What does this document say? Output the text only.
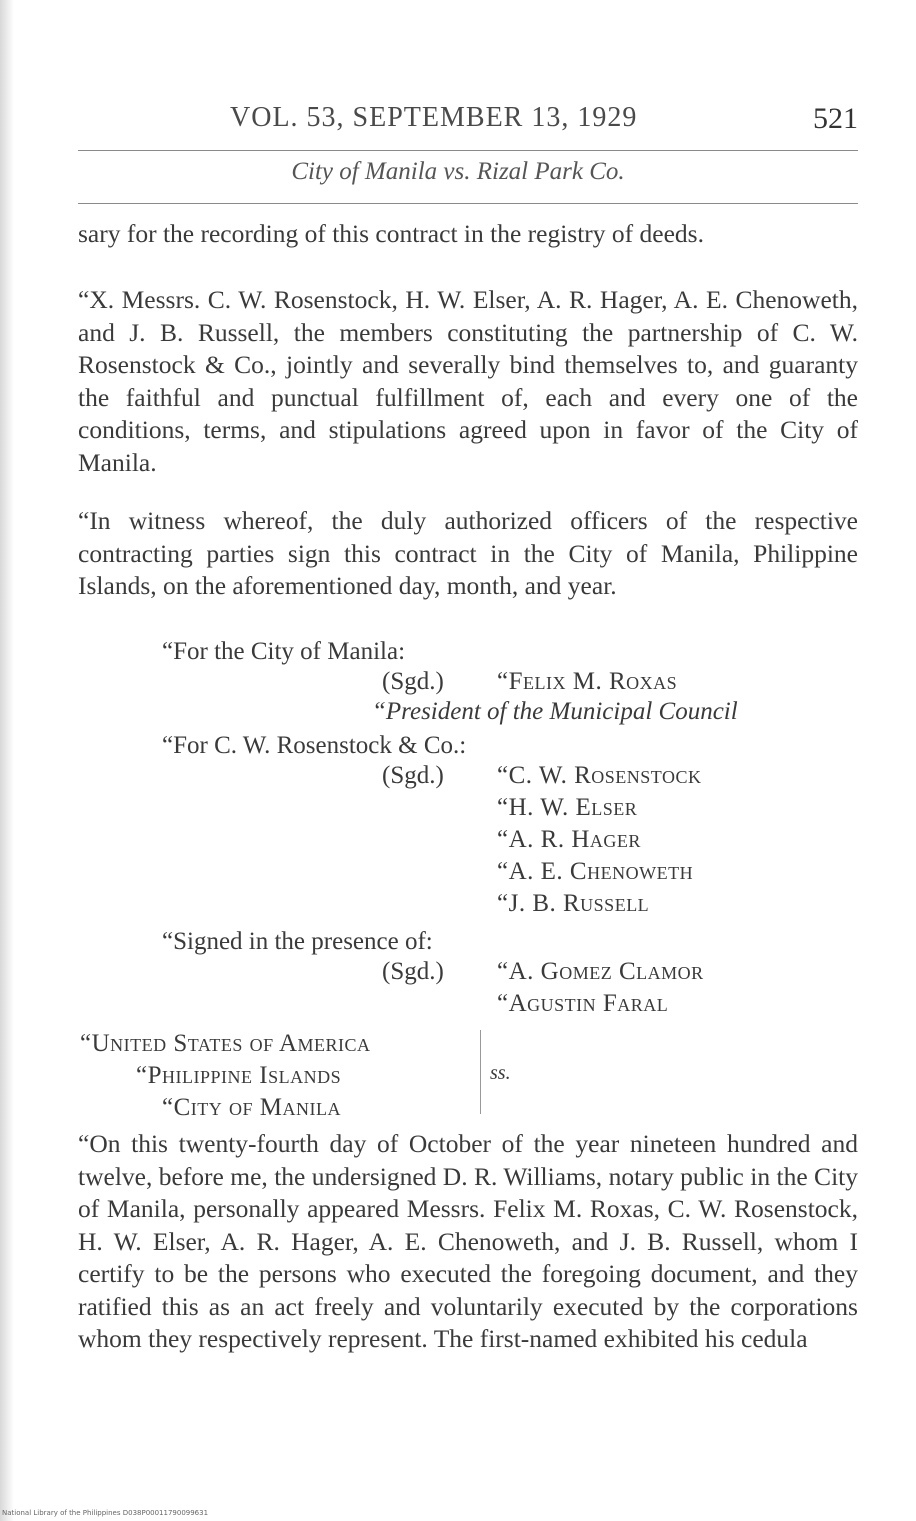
VOL. 53, SEPTEMBER 13, 1929	521
City of Manila vs. Rizal Park Co.

sary for the recording of this contract in the registry of deeds.

“X. Messrs. C. W. Rosenstock, H. W. Elser, A. R. Hager, A. E. Chenoweth, and J. B. Russell, the members constituting the partnership of C. W. Rosenstock & Co., jointly and severally bind themselves to, and guaranty the faithful and punctual fulfillment of, each and every one of the conditions, terms, and stipulations agreed upon in favor of the City of Manila.

“In witness whereof, the duly authorized officers of the respective contracting parties sign this contract in the City of Manila, Philippine Islands, on the aforementioned day, month, and year.

“For the City of Manila:
(Sgd.) “Felix M. Roxas
“President of the Municipal Council
“For C. W. Rosenstock & Co.:
(Sgd.) “C. W. Rosenstock
“H. W. Elser
“A. R. Hager
“A. E. Chenoweth
“J. B. Russell
“Signed in the presence of:
(Sgd.) “A. Gomez Clamor
“Agustin Faral
“United States of America
“Philippine Islands	ss.
“City of Manila

“On this twenty-fourth day of October of the year nineteen hundred and twelve, before me, the undersigned D. R. Williams, notary public in the City of Manila, personally appeared Messrs. Felix M. Roxas, C. W. Rosenstock, H. W. Elser, A. R. Hager, A. E. Chenoweth, and J. B. Russell, whom I certify to be the persons who executed the foregoing document, and they ratified this as an act freely and voluntarily executed by the corporations whom they respectively represent. The first-named exhibited his cedula

National Library of the Philippines D038P00011790099631
